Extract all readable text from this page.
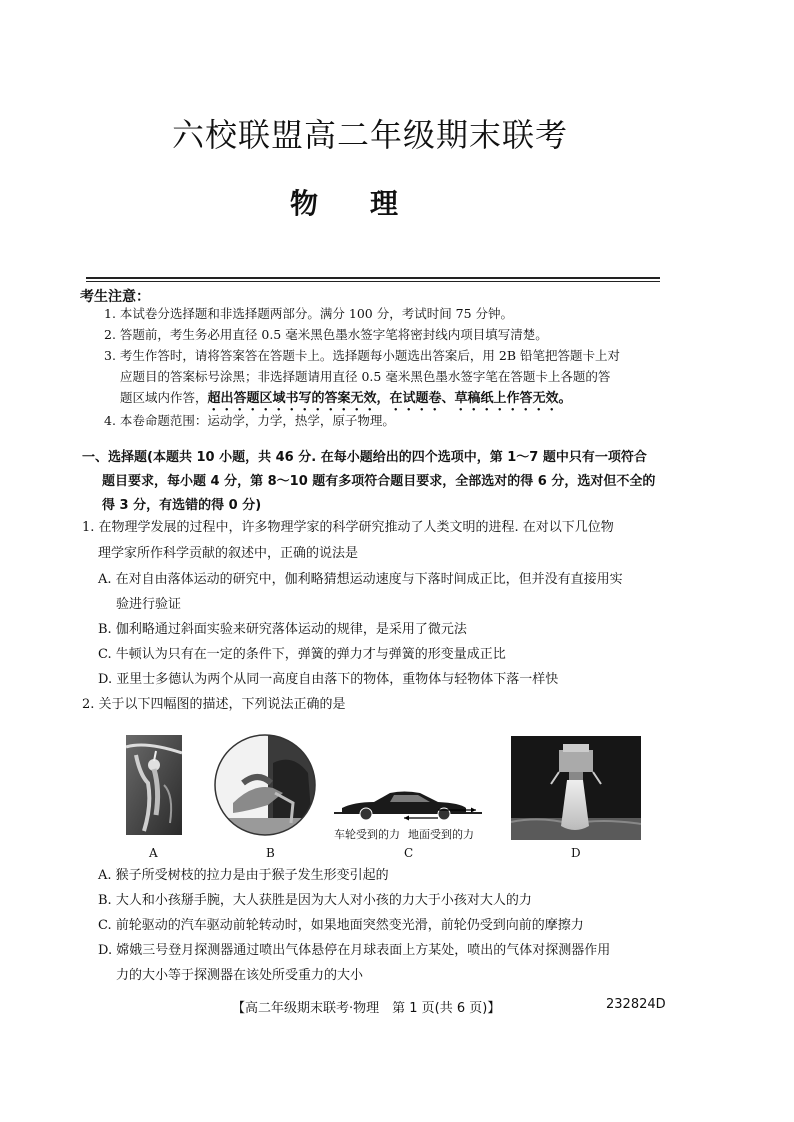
六校联盟高二年级期末联考
物理
考生注意：
1. 本试卷分选择题和非选择题两部分。满分 100 分，考试时间 75 分钟。
2. 答题前，考生务必用直径 0.5 毫米黑色墨水签字笔将密封线内项目填写清楚。
3. 考生作答时，请将答案答在答题卡上。选择题每小题选出答案后，用 2B 铅笔把答题卡上对
应题目的答案标号涂黑；非选择题请用直径 0.5 毫米黑色墨水签字笔在答题卡上各题的答
题区域内作答，超出答题区域书写的答案无效，在试题卷、草稿纸上作答无效。
4. 本卷命题范围：运动学，力学，热学，原子物理。
一、选择题(本题共 10 小题，共 46 分. 在每小题给出的四个选项中，第 1～7 题中只有一项符合
题目要求，每小题 4 分，第 8～10 题有多项符合题目要求，全部选对的得 6 分，选对但不全的
得 3 分，有选错的得 0 分)
1. 在物理学发展的过程中，许多物理学家的科学研究推动了人类文明的进程. 在对以下几位物
理学家所作科学贡献的叙述中，正确的说法是
A. 在对自由落体运动的研究中，伽利略猜想运动速度与下落时间成正比，但并没有直接用实
验进行验证
B. 伽利略通过斜面实验来研究落体运动的规律，是采用了微元法
C. 牛顿认为只有在一定的条件下，弹簧的弹力才与弹簧的形变量成正比
D. 亚里士多德认为两个从同一高度自由落下的物体，重物体与轻物体下落一样快
2. 关于以下四幅图的描述，下列说法正确的是
A	B
车轮受到的力 地面受到的力
C	D
A. 猴子所受树枝的拉力是由于猴子发生形变引起的
B. 大人和小孩掰手腕，大人获胜是因为大人对小孩的力大于小孩对大人的力
C. 前轮驱动的汽车驱动前轮转动时，如果地面突然变光滑，前轮仍受到向前的摩擦力
D. 嫦娥三号登月探测器通过喷出气体悬停在月球表面上方某处，喷出的气体对探测器作用
力的大小等于探测器在该处所受重力的大小
【高二年级期末联考·物理　第 1 页(共 6 页)】	232824D
